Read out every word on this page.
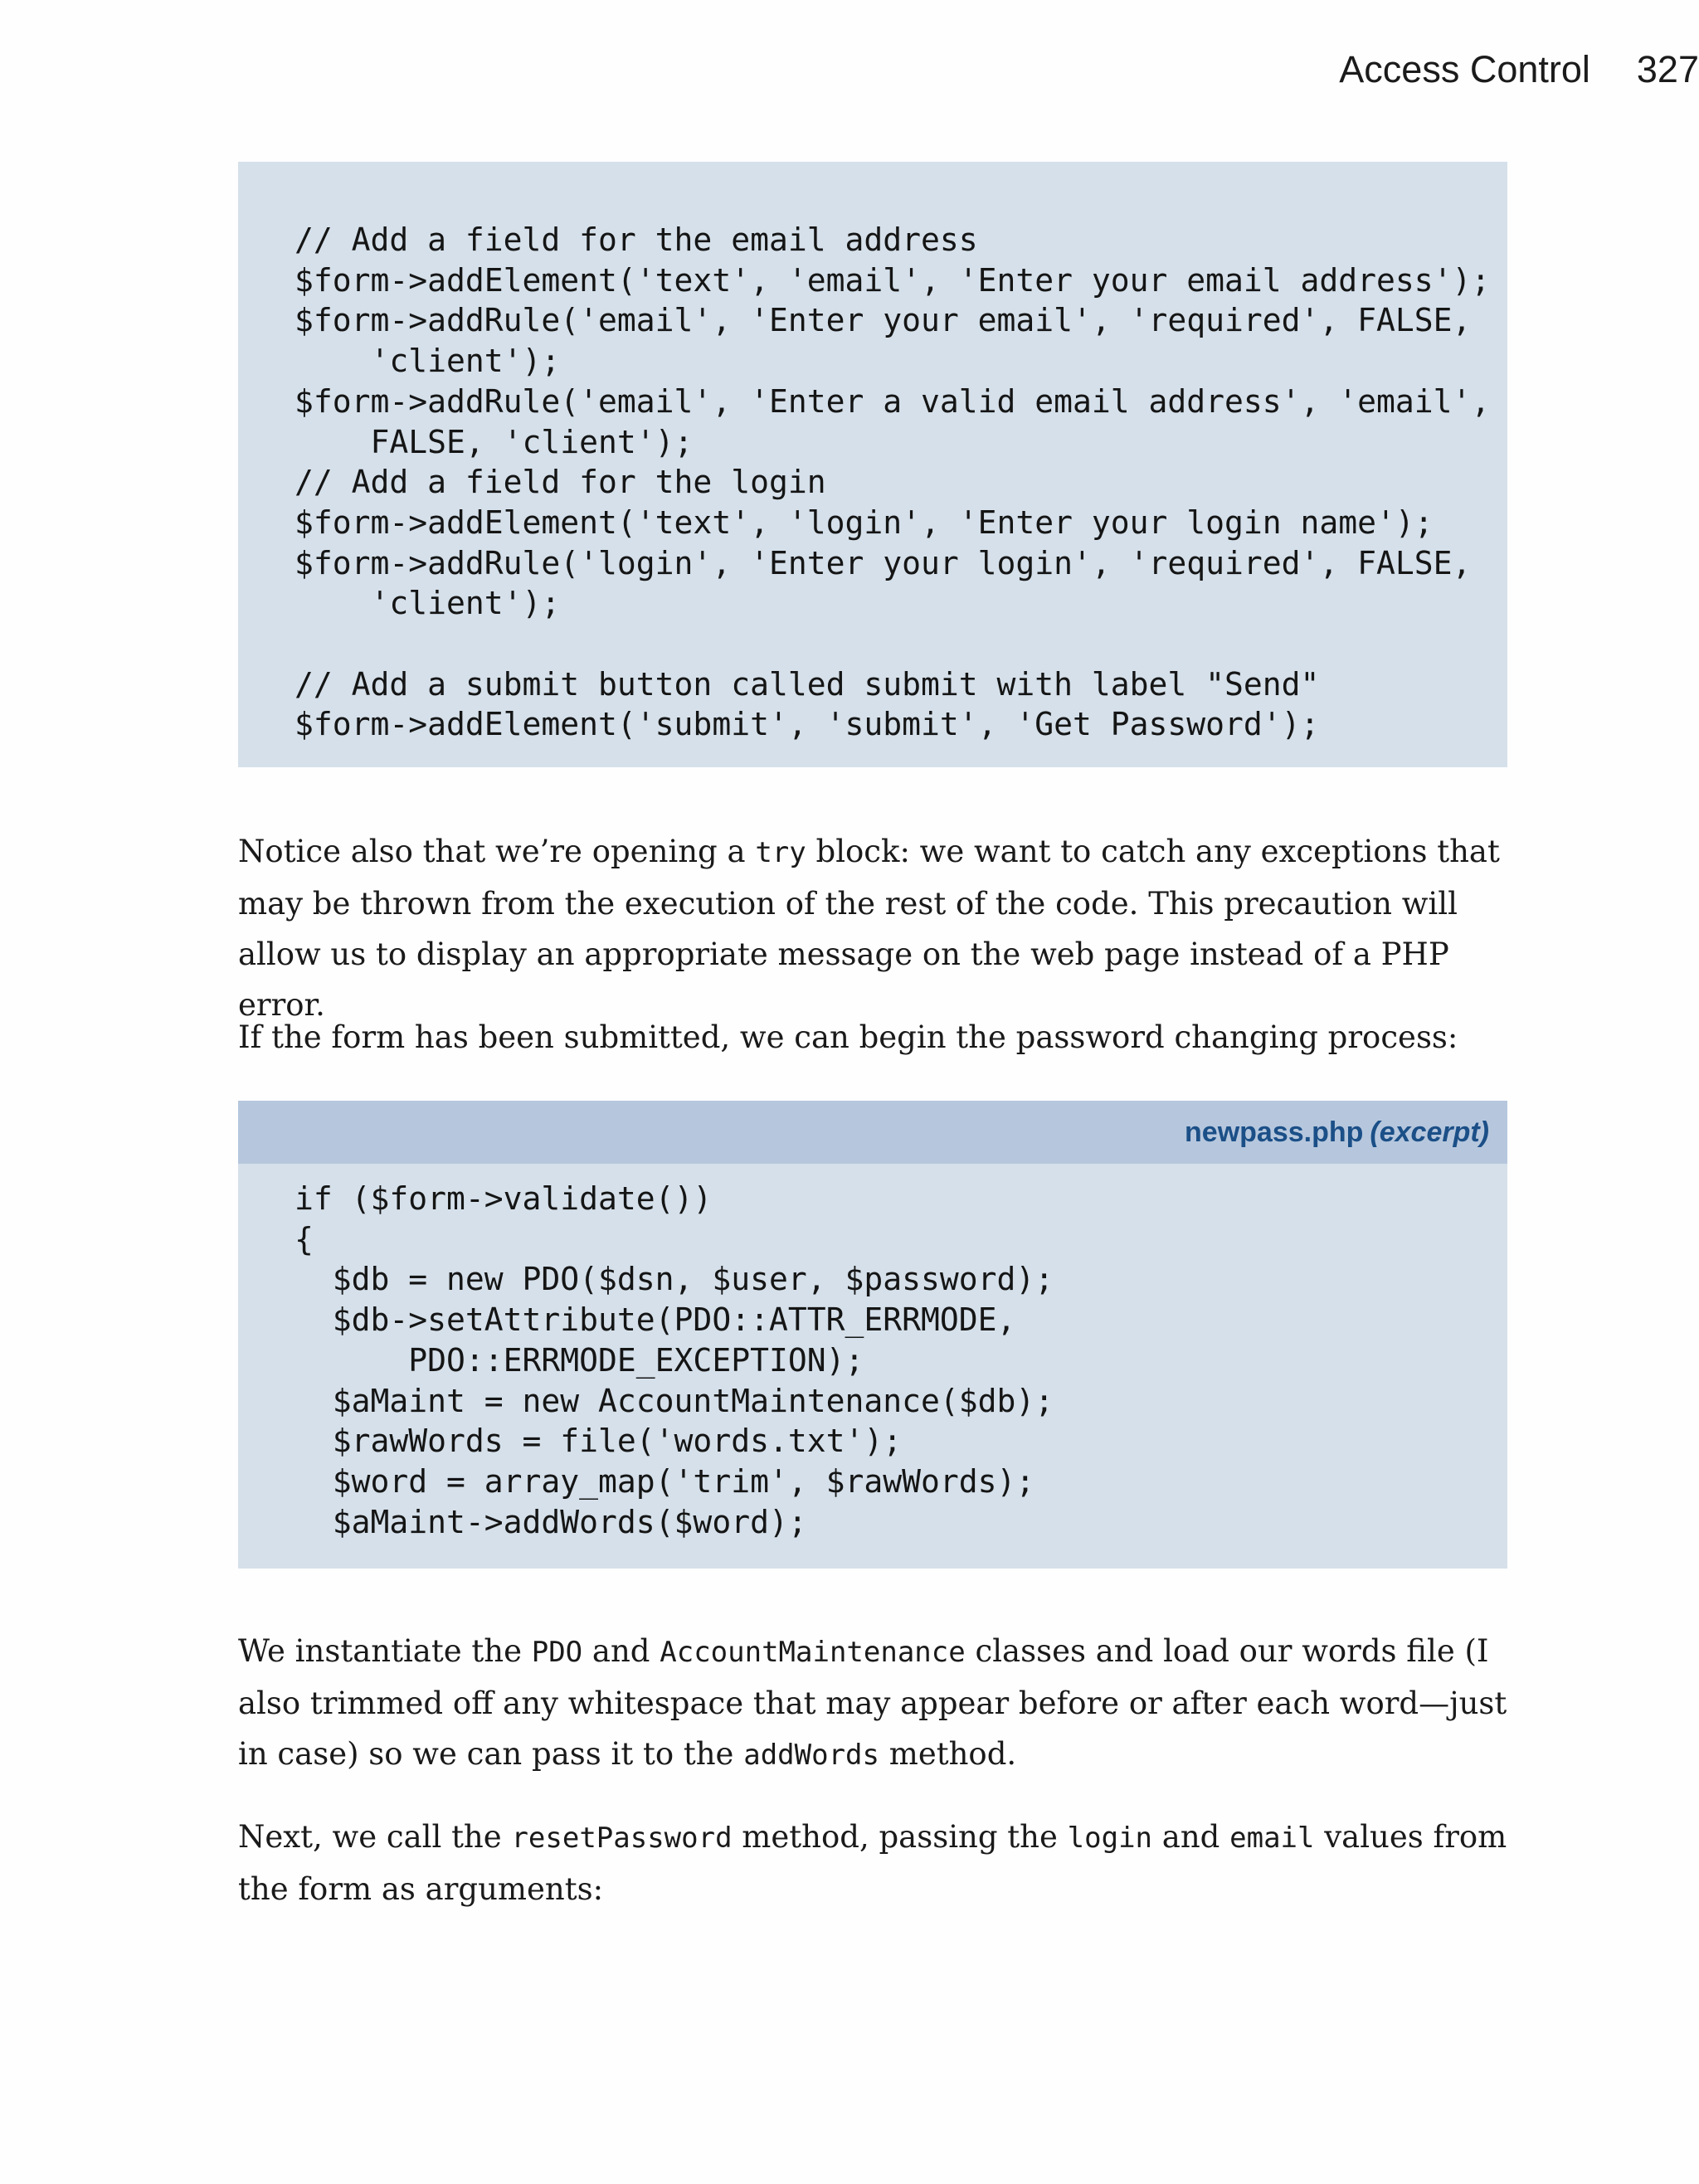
Access Control 327
// Add a field for the email address
$form->addElement('text', 'email', 'Enter your email address');
$form->addRule('email', 'Enter your email', 'required', FALSE,
'client');
$form->addRule('email', 'Enter a valid email address', 'email',
FALSE, 'client');
// Add a field for the login
$form->addElement('text', 'login', 'Enter your login name');
$form->addRule('login', 'Enter your login', 'required', FALSE,
'client');

// Add a submit button called submit with label "Send"
$form->addElement('submit', 'submit', 'Get Password');

Notice also that we’re opening a try block: we want to catch any exceptions that may be thrown from the execution of the rest of the code. This precaution will allow us to display an appropriate message on the web page instead of a PHP error.

If the form has been submitted, we can begin the password changing process:

newpass.php (excerpt)
if ($form->validate())
{
$db = new PDO($dsn, $user, $password);
$db->setAttribute(PDO::ATTR_ERRMODE,
PDO::ERRMODE_EXCEPTION);
$aMaint = new AccountMaintenance($db);
$rawWords = file('words.txt');
$word = array_map('trim', $rawWords);
$aMaint->addWords($word);

We instantiate the PDO and AccountMaintenance classes and load our words file (I also trimmed off any whitespace that may appear before or after each word—just in case) so we can pass it to the addWords method.

Next, we call the resetPassword method, passing the login and email values from the form as arguments:
